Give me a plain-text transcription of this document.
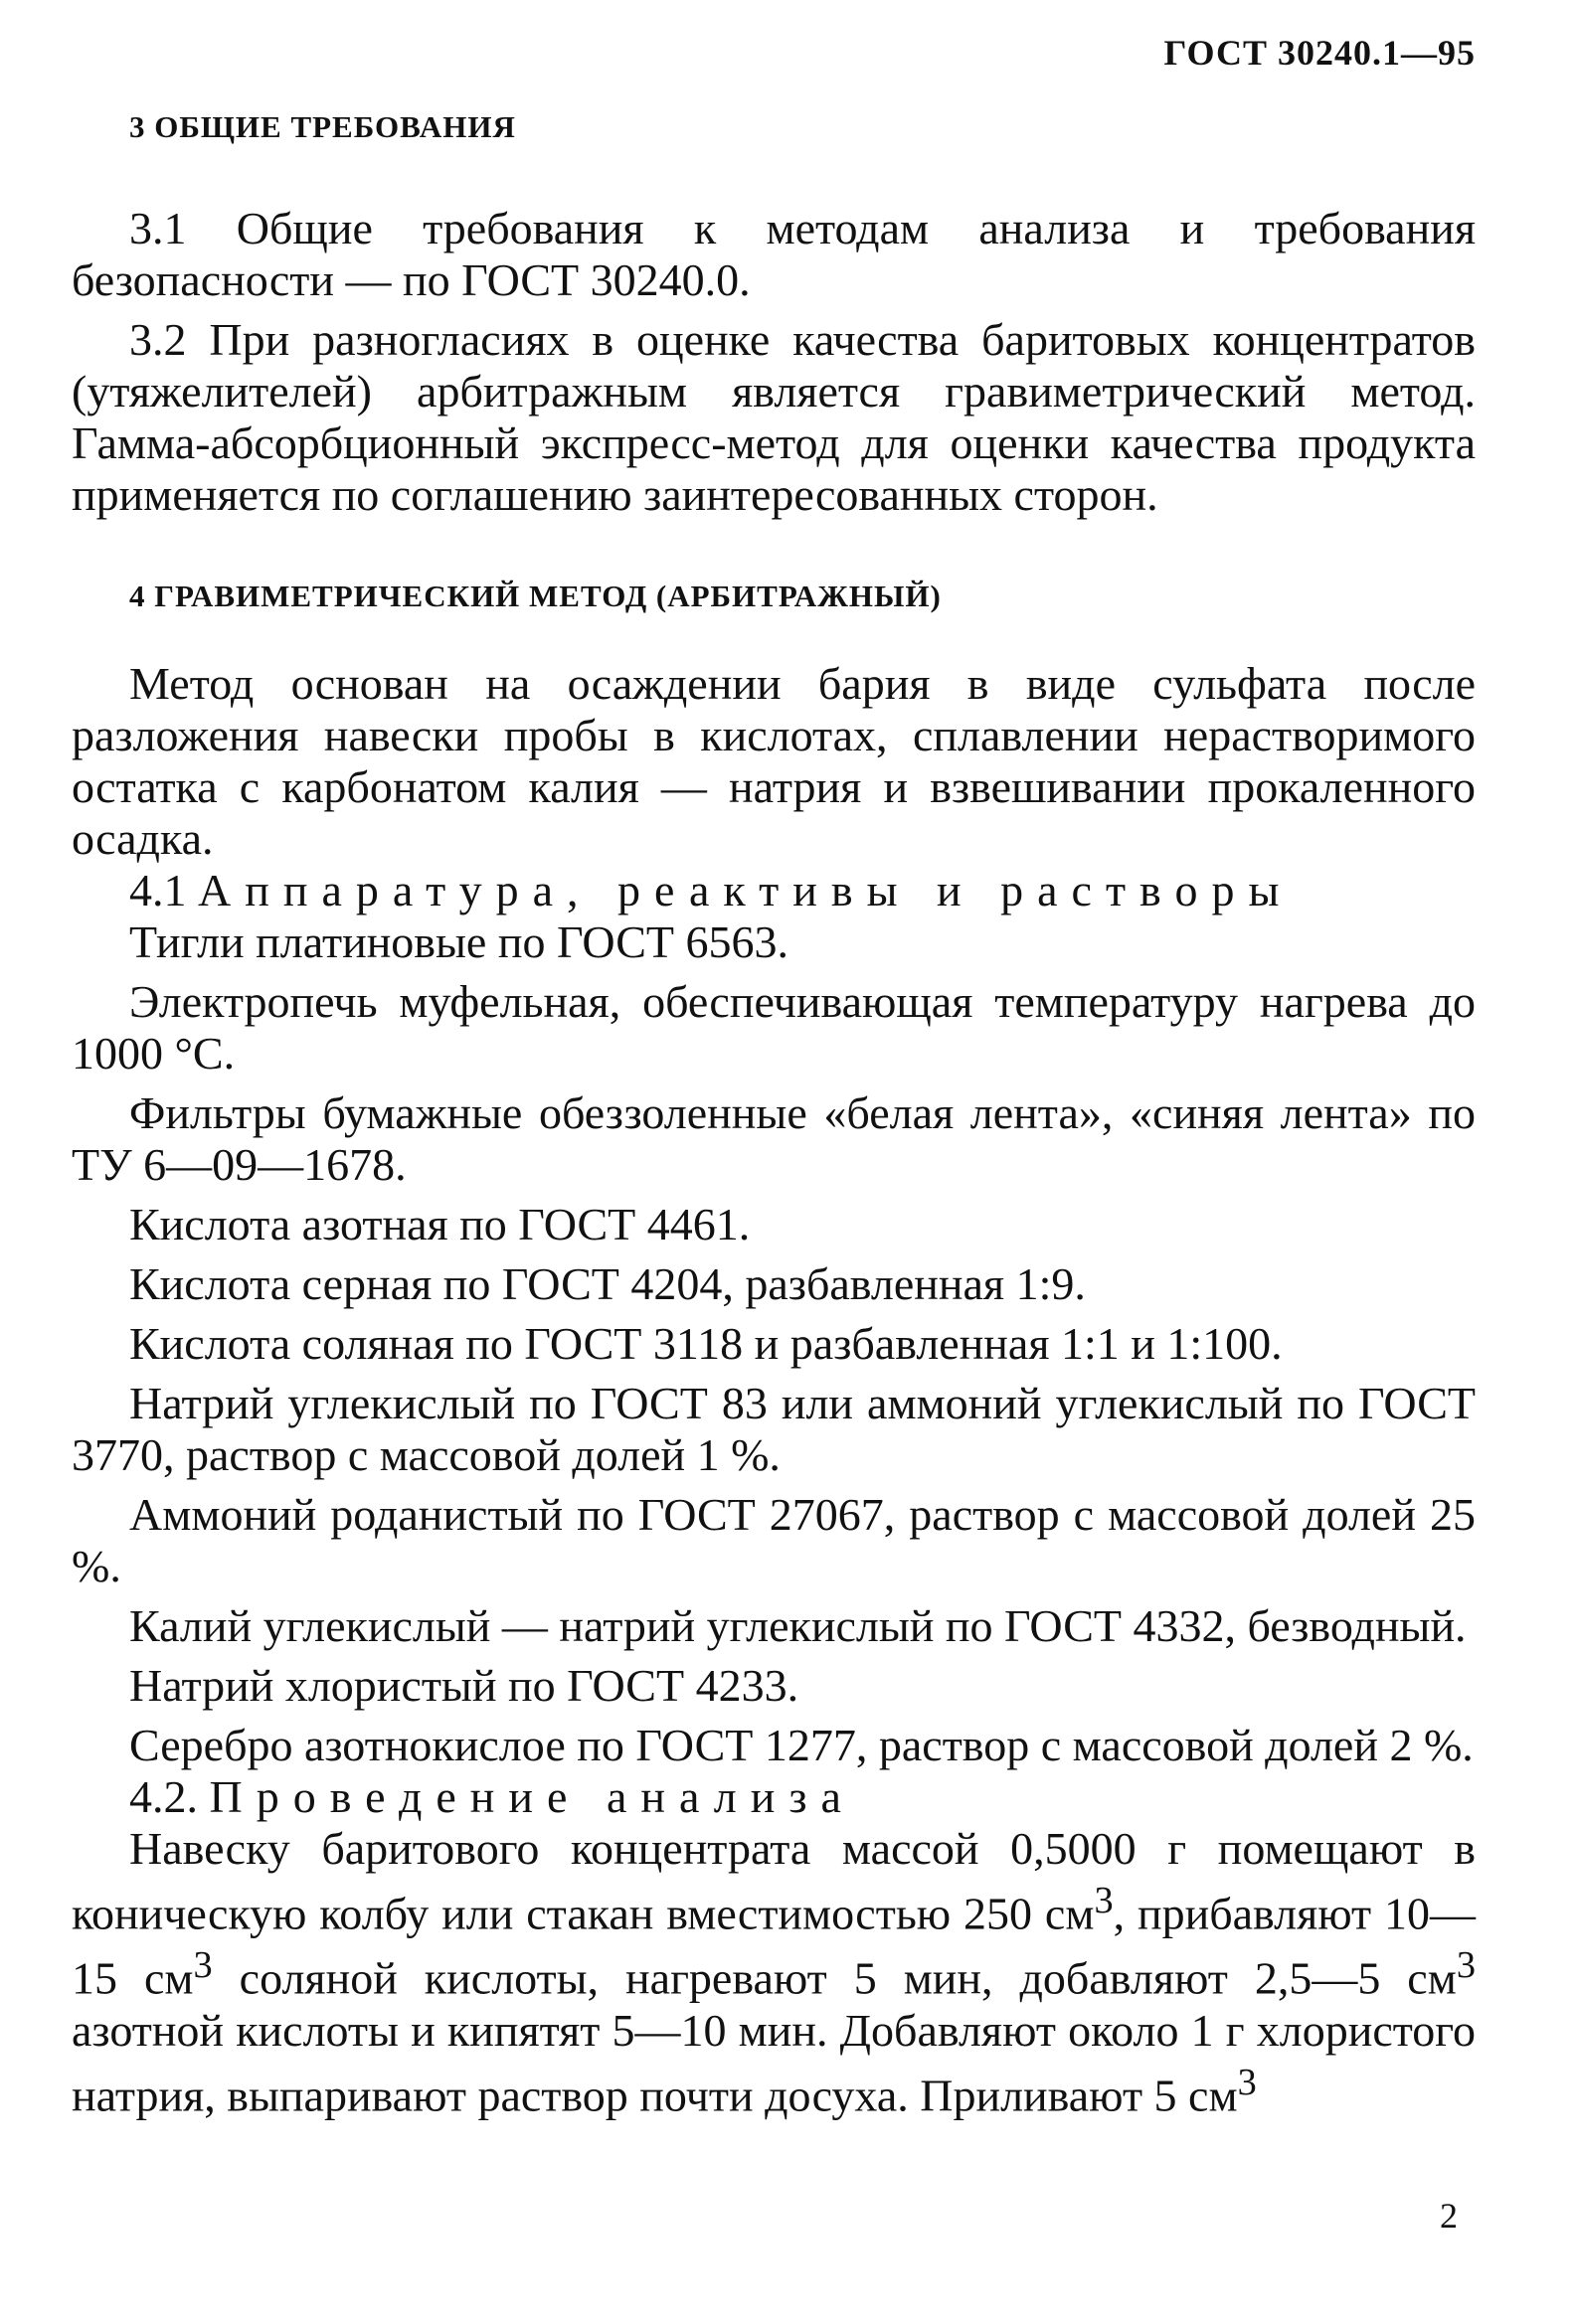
ГОСТ 30240.1—95
3 ОБЩИЕ ТРЕБОВАНИЯ

3.1 Общие требования к методам анализа и требования безопасности — по ГОСТ 30240.0.

3.2 При разногласиях в оценке качества баритовых концентратов (утяжелителей) арбитражным является гравиметрический метод. Гамма-абсорбционный экспресс-метод для оценки качества продукта применяется по соглашению заинтересованных сторон.

4 ГРАВИМЕТРИЧЕСКИЙ МЕТОД (АРБИТРАЖНЫЙ)

Метод основан на осаждении бария в виде сульфата после разложения навески пробы в кислотах, сплавлении нерастворимого остатка с карбонатом калия — натрия и взвешивании прокаленного осадка.

4.1 Аппаратура, реактивы и растворы

Тигли платиновые по ГОСТ 6563.

Электропечь муфельная, обеспечивающая температуру нагрева до 1000 °С.

Фильтры бумажные обеззоленные «белая лента», «синяя лента» по ТУ 6—09—1678.

Кислота азотная по ГОСТ 4461.

Кислота серная по ГОСТ 4204, разбавленная 1:9.

Кислота соляная по ГОСТ 3118 и разбавленная 1:1 и 1:100.

Натрий углекислый по ГОСТ 83 или аммоний углекислый по ГОСТ 3770, раствор с массовой долей 1 %.

Аммоний роданистый по ГОСТ 27067, раствор с массовой долей 25 %.

Калий углекислый — натрий углекислый по ГОСТ 4332, безводный.

Натрий хлористый по ГОСТ 4233.

Серебро азотнокислое по ГОСТ 1277, раствор с массовой долей 2 %.

4.2. Проведение анализа

Навеску баритового концентрата массой 0,5000 г помещают в коническую колбу или стакан вместимостью 250 $см^3$, прибавляют 10—15 $см^3$ соляной кислоты, нагревают 5 мин, добавляют 2,5—5 $см^3$ азотной кислоты и кипятят 5—10 мин. Добавляют около 1 г хлористого натрия, выпаривают раствор почти досуха. Приливают 5 $см^3$

2
